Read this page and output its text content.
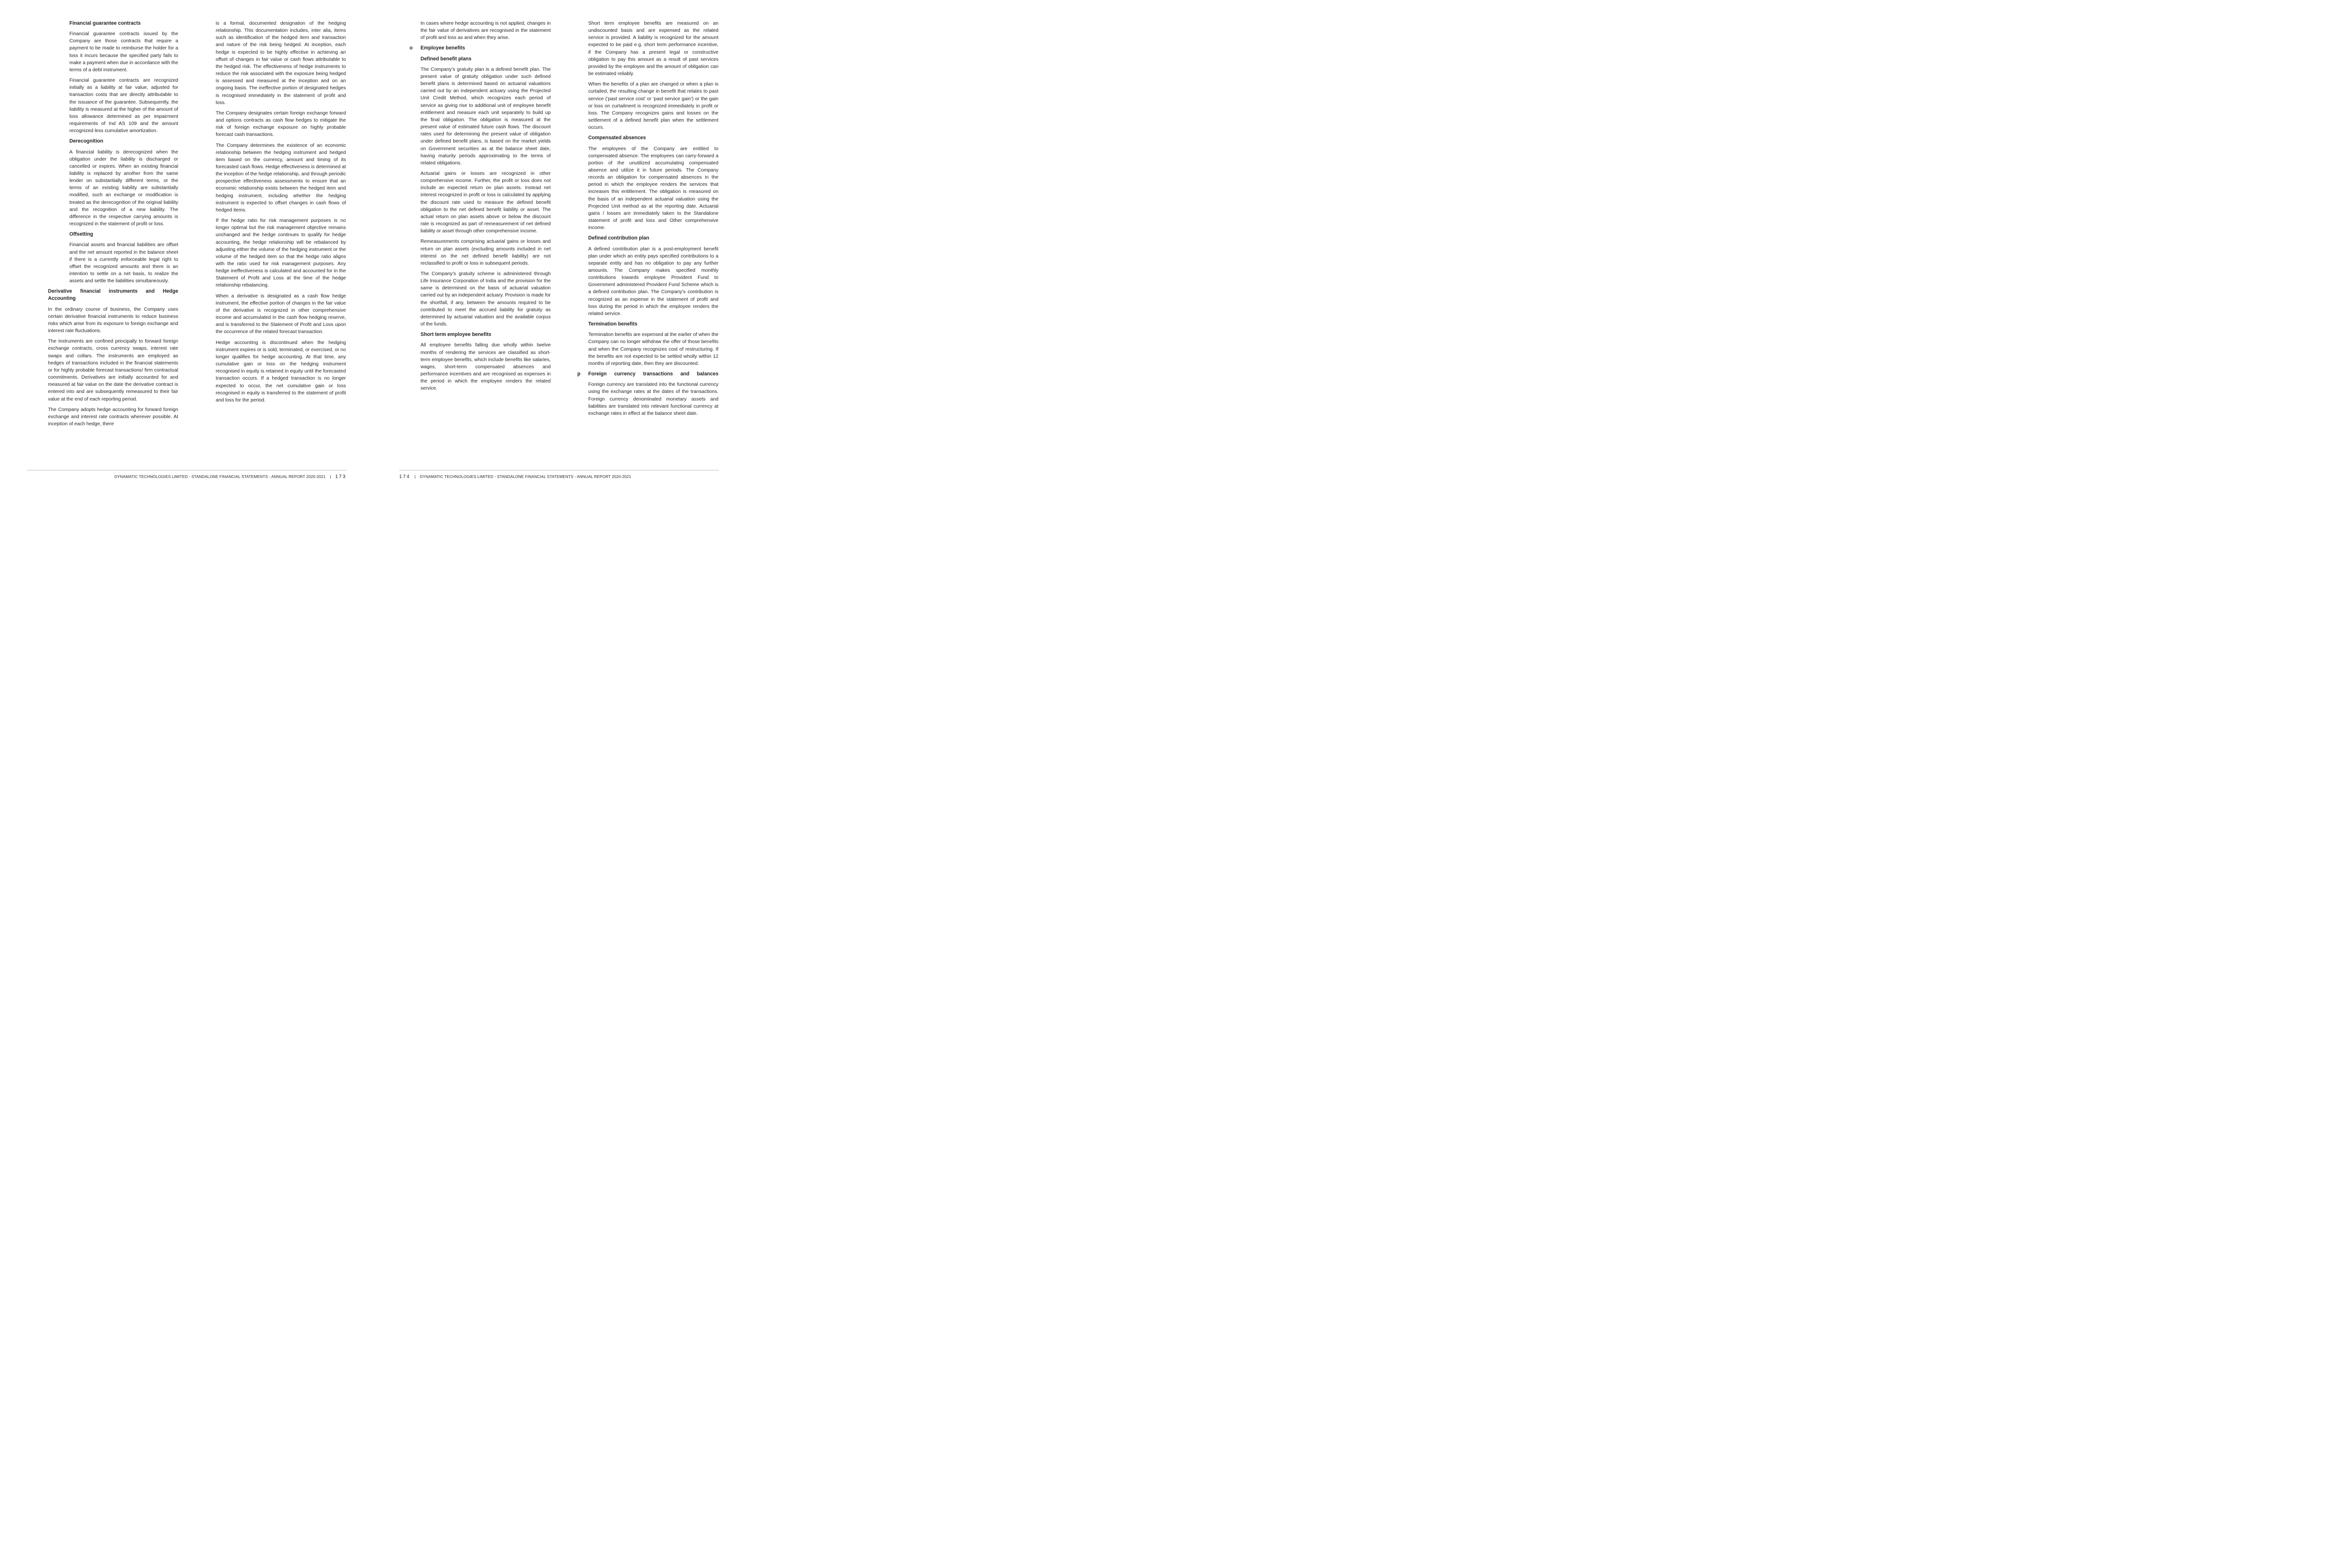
Financial guarantee contracts

Financial guarantee contracts issued by the Company are those contracts that require a payment to be made to reimburse the holder for a loss it incurs because the specified party fails to make a payment when due in accordance with the terms of a debt instrument.

Financial guarantee contracts are recognized initially as a liability at fair value, adjusted for transaction costs that are directly attributable to the issuance of the guarantee. Subsequently, the liability is measured at the higher of the amount of loss allowance determined as per impairment requirements of Ind AS 109 and the amount recognized less cumulative amortization.

Derecognition

A financial liability is derecognized when the obligation under the liability is discharged or cancelled or expires. When an existing financial liability is replaced by another from the same lender on substantially different terms, or the terms of an existing liability are substantially modified, such an exchange or modification is treated as the derecognition of the original liability and the recognition of a new liability. The difference in the respective carrying amounts is recognized in the statement of profit or loss.

Offsetting

Financial assets and financial liabilities are offset and the net amount reported in the balance sheet if there is a currently enforceable legal right to offset the recognized amounts and there is an intention to settle on a net basis, to realize the assets and settle the liabilities simultaneously.

Derivative financial instruments and Hedge Accounting

In the ordinary course of business, the Company uses certain derivative financial instruments to reduce business risks which arise from its exposure to foreign exchange and interest rate fluctuations.

The instruments are confined principally to forward foreign exchange contracts, cross currency swaps, interest rate swaps and collars. The instruments are employed as hedges of transactions included in the financial statements or for highly probable forecast transactions/ firm contractual commitments. Derivatives are initially accounted for and measured at fair value on the date the derivative contract is entered into and are subsequently remeasured to their fair value at the end of each reporting period.

The Company adopts hedge accounting for forward foreign exchange and interest rate contracts wherever possible. At inception of each hedge, there

is a formal, documented designation of the hedging relationship. This documentation includes, inter alia, items such as identification of the hedged item and transaction and nature of the risk being hedged. At inception, each hedge is expected to be highly effective in achieving an offset of changes in fair value or cash flows attributable to the hedged risk. The effectiveness of hedge instruments to reduce the risk associated with the exposure being hedged is assessed and measured at the inception and on an ongoing basis. The ineffective portion of designated hedges is recognised immediately in the statement of profit and loss.

The Company designates certain foreign exchange forward and options contracts as cash flow hedges to mitigate the risk of foreign exchange exposure on highly probable forecast cash transactions.

The Company determines the existence of an economic relationship between the hedging instrument and hedged item based on the currency, amount and timing of its forecasted cash flows. Hedge effectiveness is determined at the inception of the hedge relationship, and through periodic prospective effectiveness assessments to ensure that an economic relationship exists between the hedged item and hedging instrument, including whether the hedging instrument is expected to offset changes in cash flows of hedged items.

If the hedge ratio for risk management purposes is no longer optimal but the risk management objective remains unchanged and the hedge continues to qualify for hedge accounting, the hedge relationship will be rebalanced by adjusting either the volume of the hedging instrument or the volume of the hedged item so that the hedge ratio aligns with the ratio used for risk management purposes. Any hedge ineffectiveness is calculated and accounted for in the Statement of Profit and Loss at the time of the hedge relationship rebalancing.

When a derivative is designated as a cash flow hedge instrument, the effective portion of changes in the fair value of the derivative is recognized in other comprehensive income and accumulated in the cash flow hedging reserve, and is transferred to the Statement of Profit and Loss upon the occurrence of the related forecast transaction.

Hedge accounting is discontinued when the hedging instrument expires or is sold, terminated, or exercised, or no longer qualifies for hedge accounting. At that time, any cumulative gain or loss on the hedging instrument recognised in equity is retained in equity until the forecasted transaction occurs. If a hedged transaction is no longer expected to occur, the net cumulative gain or loss recognised in equity is transferred to the statement of profit and loss for the period.

DYNAMATIC TECHNOLOGIES LIMITED - STANDALONE FINANCIAL STATEMENTS - ANNUAL REPORT 2020-2021 | 173

In cases where hedge accounting is not applied, changes in the fair value of derivatives are recognised in the statement of profit and loss as and when they arise.

o Employee benefits
Defined benefit plans

The Company’s gratuity plan is a defined benefit plan. The present value of gratuity obligation under such defined benefit plans is determined based on actuarial valuations carried out by an independent actuary using the Projected Unit Credit Method, which recognizes each period of service as giving rise to additional unit of employee benefit entitlement and measure each unit separately to build up the final obligation. The obligation is measured at the present value of estimated future cash flows. The discount rates used for determining the present value of obligation under defined benefit plans, is based on the market yields on Government securities as at the balance sheet date, having maturity periods approximating to the terms of related obligations.

Actuarial gains or losses are recognized in other comprehensive income. Further, the profit or loss does not include an expected return on plan assets. Instead net interest recognized in profit or loss is calculated by applying the discount rate used to measure the defined benefit obligation to the net defined benefit liability or asset. The actual return on plan assets above or below the discount rate is recognized as part of remeasurement of net defined liability or asset through other comprehensive income.

Remeasurements comprising actuarial gains or losses and return on plan assets (excluding amounts included in net interest on the net defined benefit liability) are not reclassified to profit or loss in subsequent periods.

The Company’s gratuity scheme is administered through Life Insurance Corporation of India and the provision for the same is determined on the basis of actuarial valuation carried out by an independent actuary. Provision is made for the shortfall, if any, between the amounts required to be contributed to meet the accrued liability for gratuity as determined by actuarial valuation and the available corpus of the funds.

Short term employee benefits

All employee benefits falling due wholly within twelve months of rendering the services are classified as short-term employee benefits, which include benefits like salaries, wages, short-term compensated absences and performance incentives and are recognised as expenses in the period in which the employee renders the related service.

Short term employee benefits are measured on an undiscounted basis and are expensed as the related service is provided. A liability is recognized for the amount expected to be paid e.g. short term performance incentive, if the Company has a present legal or constructive obligation to pay this amount as a result of past services provided by the employee and the amount of obligation can be estimated reliably.

When the benefits of a plan are changed or when a plan is curtailed, the resulting change in benefit that relates to past service (‘past service cost’ or ‘past service gain’) or the gain or loss on curtailment is recognized immediately in profit or loss. The Company recognizes gains and losses on the settlement of a defined benefit plan when the settlement occurs.

Compensated absences

The employees of the Company are entitled to compensated absence. The employees can carry-forward a portion of the unutilized accumulating compensated absence and utilize it in future periods. The Company records an obligation for compensated absences in the period in which the employee renders the services that increases this entitlement. The obligation is measured on the basis of an independent actuarial valuation using the Projected Unit method as at the reporting date. Actuarial gains / losses are immediately taken to the Standalone statement of profit and loss and Other comprehensive income.

Defined contribution plan

A defined contribution plan is a post-employment benefit plan under which an entity pays specified contributions to a separate entity and has no obligation to pay any further amounts. The Company makes specified monthly contributions towards employee Provident Fund to Government administered Provident Fund Scheme which is a defined contribution plan. The Company’s contribution is recognized as an expense in the statement of profit and loss during the period in which the employee renders the related service.

Termination benefits

Termination benefits are expensed at the earlier of when the Company can no longer withdraw the offer of those benefits and when the Company recognizes cost of restructuring. If the benefits are not expected to be settled wholly within 12 months of reporting date, then they are discounted.

p Foreign currency transactions and balances

Foreign currency are translated into the functional currency using the exchange rates at the dates of the transactions. Foreign currency denominated monetary assets and liabilities are translated into relevant functional currency at exchange rates in effect at the balance sheet date.

174 | DYNAMATIC TECHNOLOGIES LIMITED - STANDALONE FINANCIAL STATEMENTS - ANNUAL REPORT 2020-2021
